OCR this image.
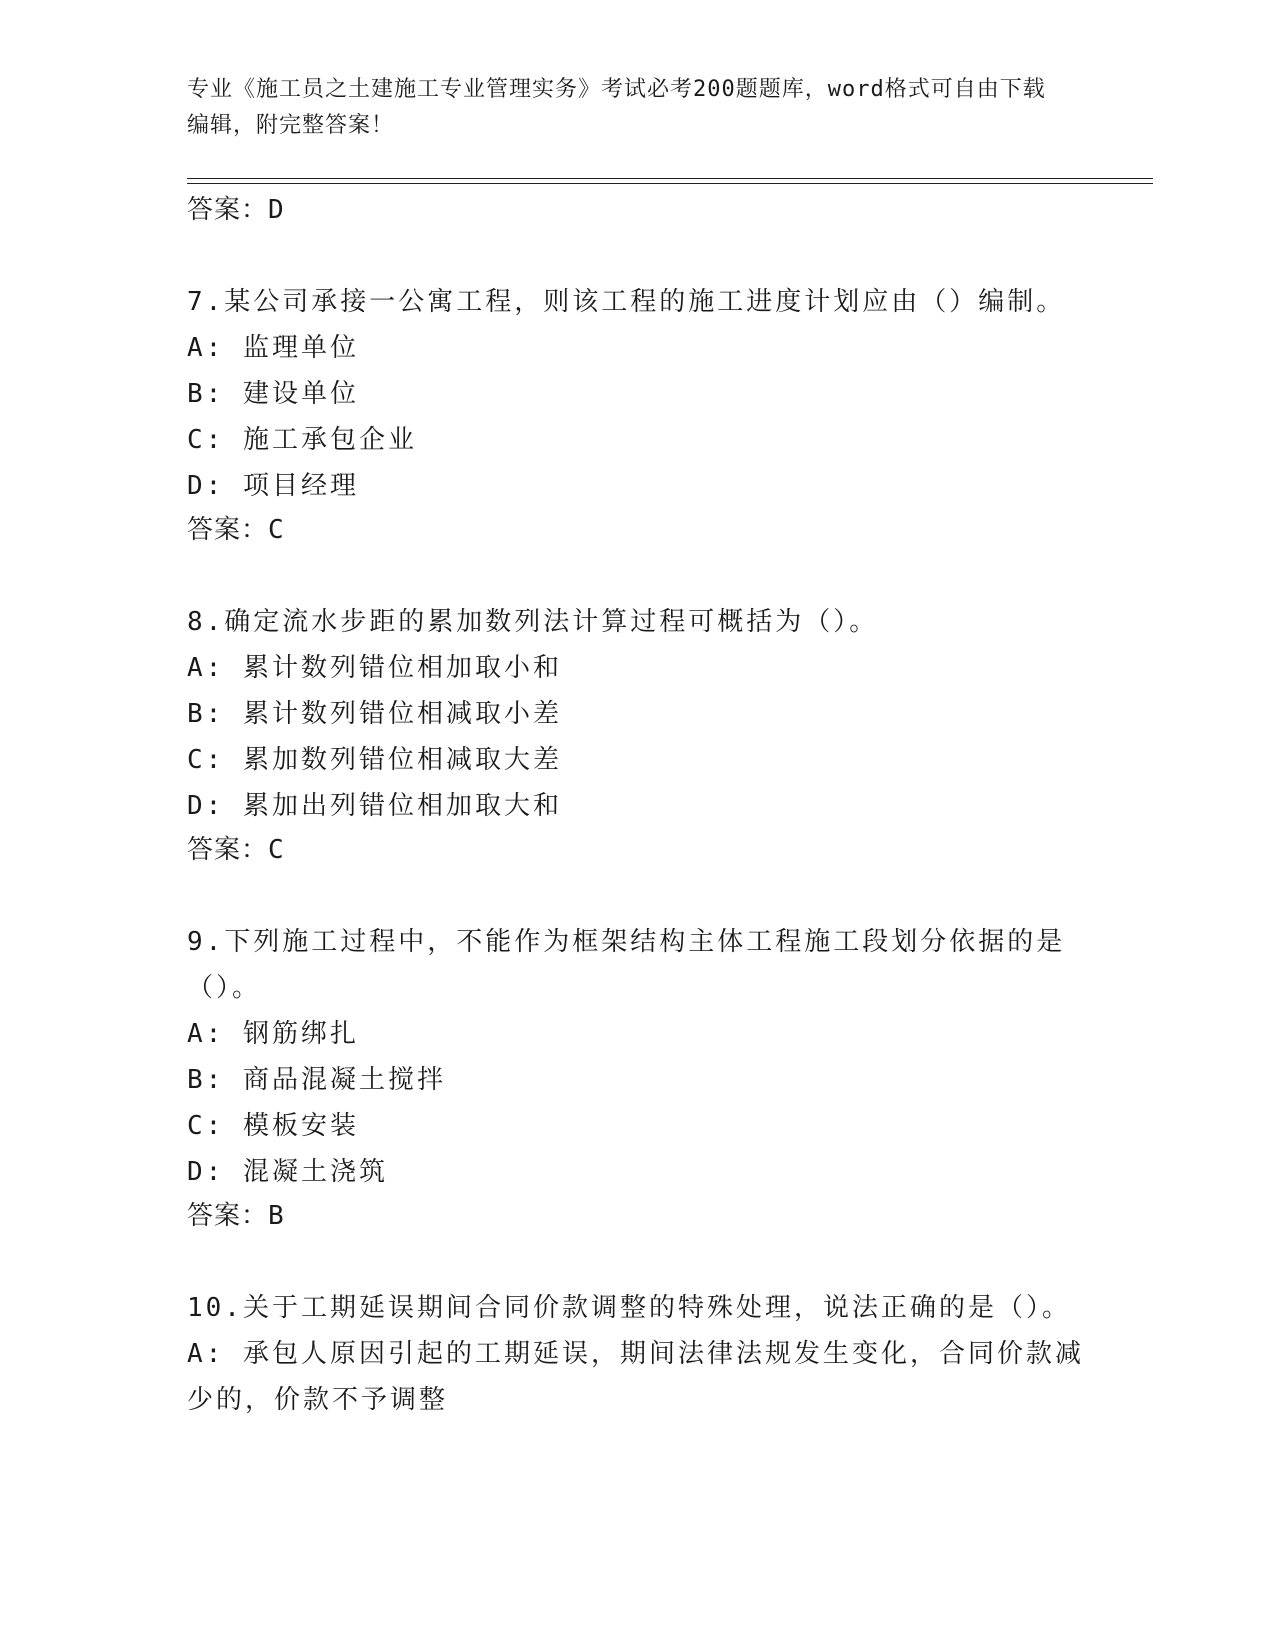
专业《施工员之土建施工专业管理实务》考试必考200题题库，word格式可自由下载编辑，附完整答案！
答案：D
7.某公司承接一公寓工程，则该工程的施工进度计划应由（）编制。
A: 监理单位
B: 建设单位
C: 施工承包企业
D: 项目经理
答案：C
8.确定流水步距的累加数列法计算过程可概括为（）。
A: 累计数列错位相加取小和
B: 累计数列错位相减取小差
C: 累加数列错位相减取大差
D: 累加出列错位相加取大和
答案：C
9.下列施工过程中，不能作为框架结构主体工程施工段划分依据的是（）。
A: 钢筋绑扎
B: 商品混凝土搅拌
C: 模板安装
D: 混凝土浇筑
答案：B
10.关于工期延误期间合同价款调整的特殊处理，说法正确的是（）。
A: 承包人原因引起的工期延误，期间法律法规发生变化，合同价款减少的，价款不予调整
